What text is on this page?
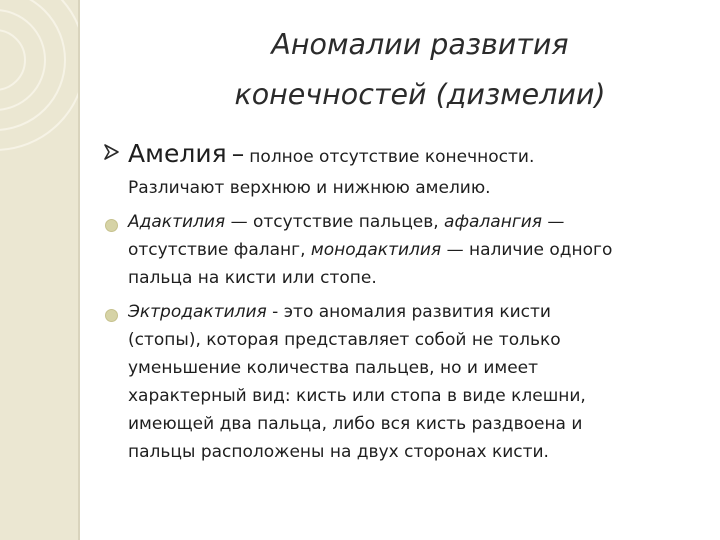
Аномалии развития
конечностей (дизмелии)
Амелия – полное отсутствие конечности.
Различают верхнюю и нижнюю амелию.
Адактилия — отсутствие пальцев, афалангия —
отсутствие фаланг, монодактилия — наличие одного
пальца на кисти или стопе.
Эктродактилия - это аномалия развития кисти
(стопы), которая представляет собой не только
уменьшение количества пальцев, но и имеет
характерный вид: кисть или стопа в виде клешни,
имеющей два пальца, либо вся кисть раздвоена и
пальцы расположены на двух сторонах кисти.
